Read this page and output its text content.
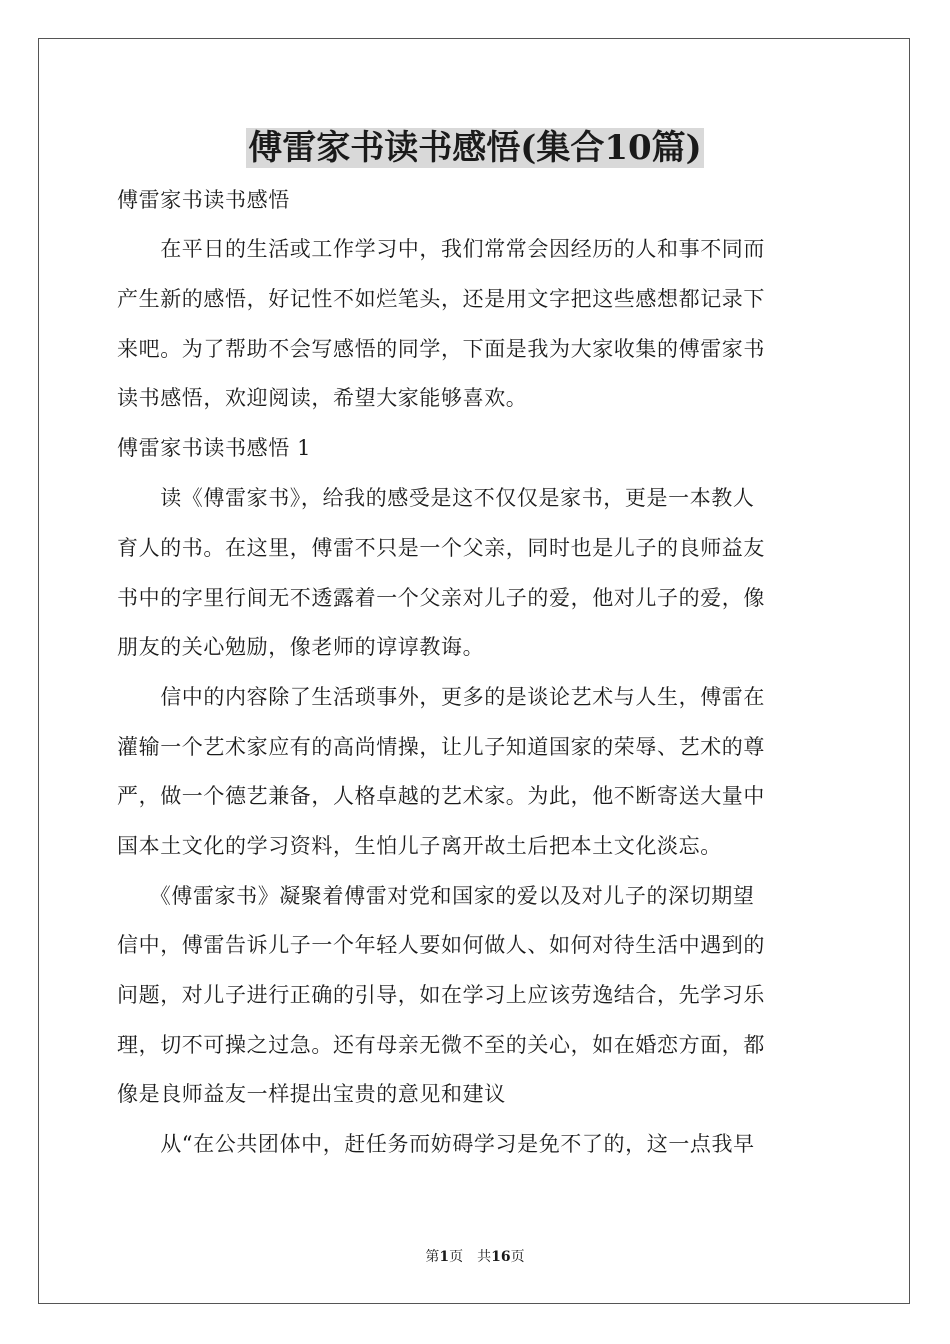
傅雷家书读书感悟(集合10篇)

傅雷家书读书感悟

　　在平日的生活或工作学习中，我们常常会因经历的人和事不同而

产生新的感悟，好记性不如烂笔头，还是用文字把这些感想都记录下

来吧。为了帮助不会写感悟的同学，下面是我为大家收集的傅雷家书

读书感悟，欢迎阅读，希望大家能够喜欢。

傅雷家书读书感悟 1

　　读《傅雷家书》，给我的感受是这不仅仅是家书，更是一本教人

育人的书。在这里，傅雷不只是一个父亲，同时也是儿子的良师益友

书中的字里行间无不透露着一个父亲对儿子的爱，他对儿子的爱，像

朋友的关心勉励，像老师的谆谆教诲。

　　信中的内容除了生活琐事外，更多的是谈论艺术与人生，傅雷在

灌输一个艺术家应有的高尚情操，让儿子知道国家的荣辱、艺术的尊

严，做一个德艺兼备，人格卓越的艺术家。为此，他不断寄送大量中

国本土文化的学习资料，生怕儿子离开故土后把本土文化淡忘。

　　《傅雷家书》凝聚着傅雷对党和国家的爱以及对儿子的深切期望

信中，傅雷告诉儿子一个年轻人要如何做人、如何对待生活中遇到的

问题，对儿子进行正确的引导，如在学习上应该劳逸结合，先学习乐

理，切不可操之过急。还有母亲无微不至的关心，如在婚恋方面，都

像是良师益友一样提出宝贵的意见和建议

　　从“在公共团体中，赶任务而妨碍学习是免不了的，这一点我早

第1页　共16页
